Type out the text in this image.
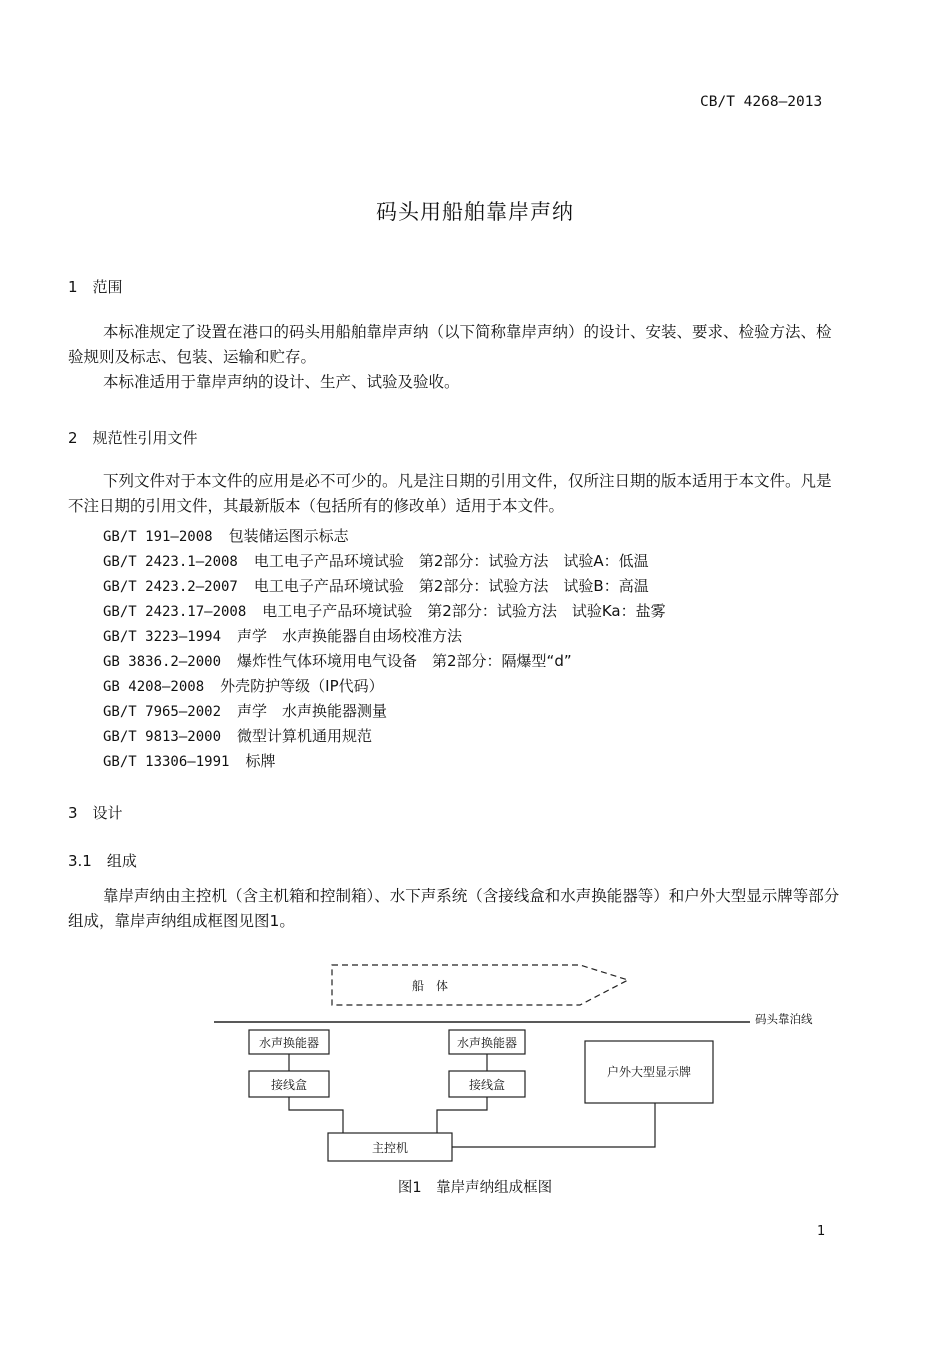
CB/T 4268—2013
码头用船舶靠岸声纳
1　范围

本标准规定了设置在港口的码头用船舶靠岸声纳（以下简称靠岸声纳）的设计、安装、要求、检验方法、检验规则及标志、包装、运输和贮存。

本标准适用于靠岸声纳的设计、生产、试验及验收。

2　规范性引用文件

下列文件对于本文件的应用是必不可少的。凡是注日期的引用文件，仅所注日期的版本适用于本文件。凡是不注日期的引用文件，其最新版本（包括所有的修改单）适用于本文件。

GB/T 191—2008 包装储运图示标志
GB/T 2423.1—2008 电工电子产品环境试验　第2部分：试验方法　试验A：低温
GB/T 2423.2—2007 电工电子产品环境试验　第2部分：试验方法　试验B：高温
GB/T 2423.17—2008 电工电子产品环境试验　第2部分：试验方法　试验Ka：盐雾
GB/T 3223—1994 声学　水声换能器自由场校准方法
GB 3836.2—2000 爆炸性气体环境用电气设备　第2部分：隔爆型“d”
GB 4208—2008 外壳防护等级（IP代码）
GB/T 7965—2002 声学　水声换能器测量
GB/T 9813—2000 微型计算机通用规范
GB/T 13306—1991 标牌
3　设计
3.1　组成

靠岸声纳由主控机（含主机箱和控制箱）、水下声系统（含接线盒和水声换能器等）和户外大型显示牌等部分组成，靠岸声纳组成框图见图1。

船　体
水声换能器
接线盒
水声换能器
接线盒
主控机
户外大型显示牌
码头靠泊线
图1　靠岸声纳组成框图
1
